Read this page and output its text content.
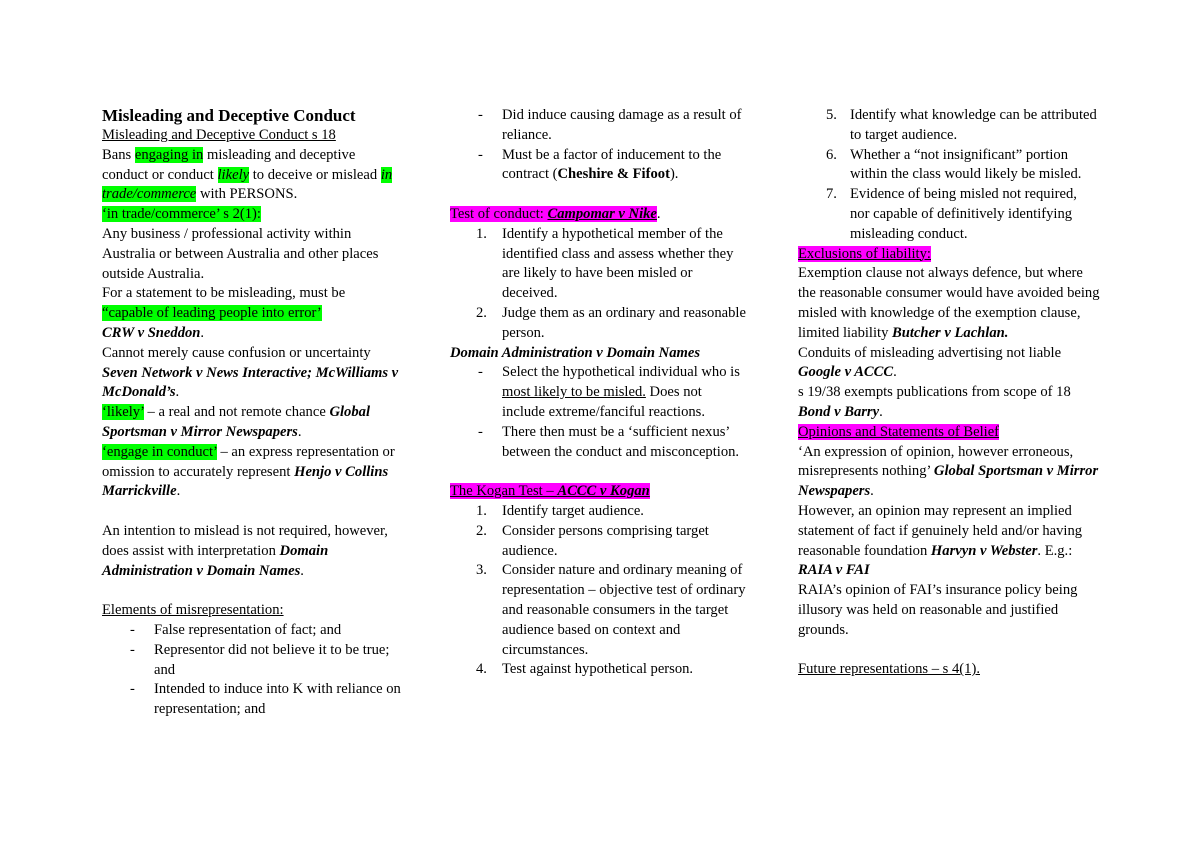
Misleading and Deceptive Conduct
Misleading and Deceptive Conduct s 18
Bans engaging in misleading and deceptive conduct or conduct likely to deceive or mislead in trade/commerce with PERSONS.
‘in trade/commerce’ s 2(1):
Any business / professional activity within Australia or between Australia and other places outside Australia.
For a statement to be misleading, must be
“capable of leading people into error’
CRW v Sneddon.
Cannot merely cause confusion or uncertainty Seven Network v News Interactive; McWilliams v McDonald’s.
‘likely’ – a real and not remote chance Global Sportsman v Mirror Newspapers.
‘engage in conduct’ – an express representation or omission to accurately represent Henjo v Collins Marrickville.
An intention to mislead is not required, however, does assist with interpretation Domain Administration v Domain Names.
Elements of misrepresentation:
- False representation of fact; and
- Representor did not believe it to be true; and
- Intended to induce into K with reliance on representation; and
- Did induce causing damage as a result of reliance.
- Must be a factor of inducement to the contract (Cheshire & Fifoot).
Test of conduct: Campomar v Nike.
1. Identify a hypothetical member of the identified class and assess whether they are likely to have been misled or deceived.
2. Judge them as an ordinary and reasonable person.
Domain Administration v Domain Names
- Select the hypothetical individual who is most likely to be misled. Does not include extreme/fanciful reactions.
- There then must be a ‘sufficient nexus’ between the conduct and misconception.
The Kogan Test – ACCC v Kogan
1. Identify target audience.
2. Consider persons comprising target audience.
3. Consider nature and ordinary meaning of representation – objective test of ordinary and reasonable consumers in the target audience based on context and circumstances.
4. Test against hypothetical person.
5. Identify what knowledge can be attributed to target audience.
6. Whether a “not insignificant” portion within the class would likely be misled.
7. Evidence of being misled not required, nor capable of definitively identifying misleading conduct.
Exclusions of liability:
Exemption clause not always defence, but where the reasonable consumer would have avoided being misled with knowledge of the exemption clause, limited liability Butcher v Lachlan.
Conduits of misleading advertising not liable Google v ACCC.
s 19/38 exempts publications from scope of 18 Bond v Barry.
Opinions and Statements of Belief
‘An expression of opinion, however erroneous, misrepresents nothing’ Global Sportsman v Mirror Newspapers.
However, an opinion may represent an implied statement of fact if genuinely held and/or having reasonable foundation Harvyn v Webster. E.g.:
RAIA v FAI
RAIA’s opinion of FAI’s insurance policy being illusory was held on reasonable and justified grounds.
Future representations – s 4(1).
